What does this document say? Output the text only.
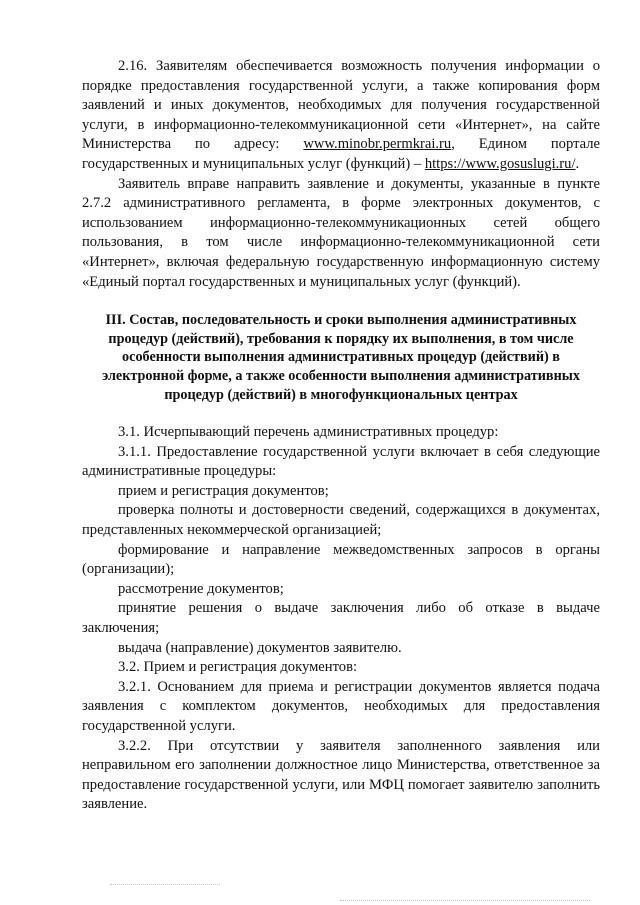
2.16. Заявителям обеспечивается возможность получения информации о порядке предоставления государственной услуги, а также копирования форм заявлений и иных документов, необходимых для получения государственной услуги, в информационно-телекоммуникационной сети «Интернет», на сайте Министерства по адресу: www.minobr.permkrai.ru, Едином портале государственных и муниципальных услуг (функций) – https://www.gosuslugi.ru/.

Заявитель вправе направить заявление и документы, указанные в пункте 2.7.2 административного регламента, в форме электронных документов, с использованием информационно-телекоммуникационных сетей общего пользования, в том числе информационно-телекоммуникационной сети «Интернет», включая федеральную государственную информационную систему «Единый портал государственных и муниципальных услуг (функций).

III. Состав, последовательность и сроки выполнения административных процедур (действий), требования к порядку их выполнения, в том числе особенности выполнения административных процедур (действий) в электронной форме, а также особенности выполнения административных процедур (действий) в многофункциональных центрах

3.1. Исчерпывающий перечень административных процедур:

3.1.1. Предоставление государственной услуги включает в себя следующие административные процедуры:

прием и регистрация документов;

проверка полноты и достоверности сведений, содержащихся в документах, представленных некоммерческой организацией;

формирование и направление межведомственных запросов в органы (организации);

рассмотрение документов;

принятие решения о выдаче заключения либо об отказе в выдаче заключения;

выдача (направление) документов заявителю.

3.2. Прием и регистрация документов:

3.2.1. Основанием для приема и регистрации документов является подача заявления с комплектом документов, необходимых для предоставления государственной услуги.

3.2.2. При отсутствии у заявителя заполненного заявления или неправильном его заполнении должностное лицо Министерства, ответственное за предоставление государственной услуги, или МФЦ помогает заявителю заполнить заявление.
